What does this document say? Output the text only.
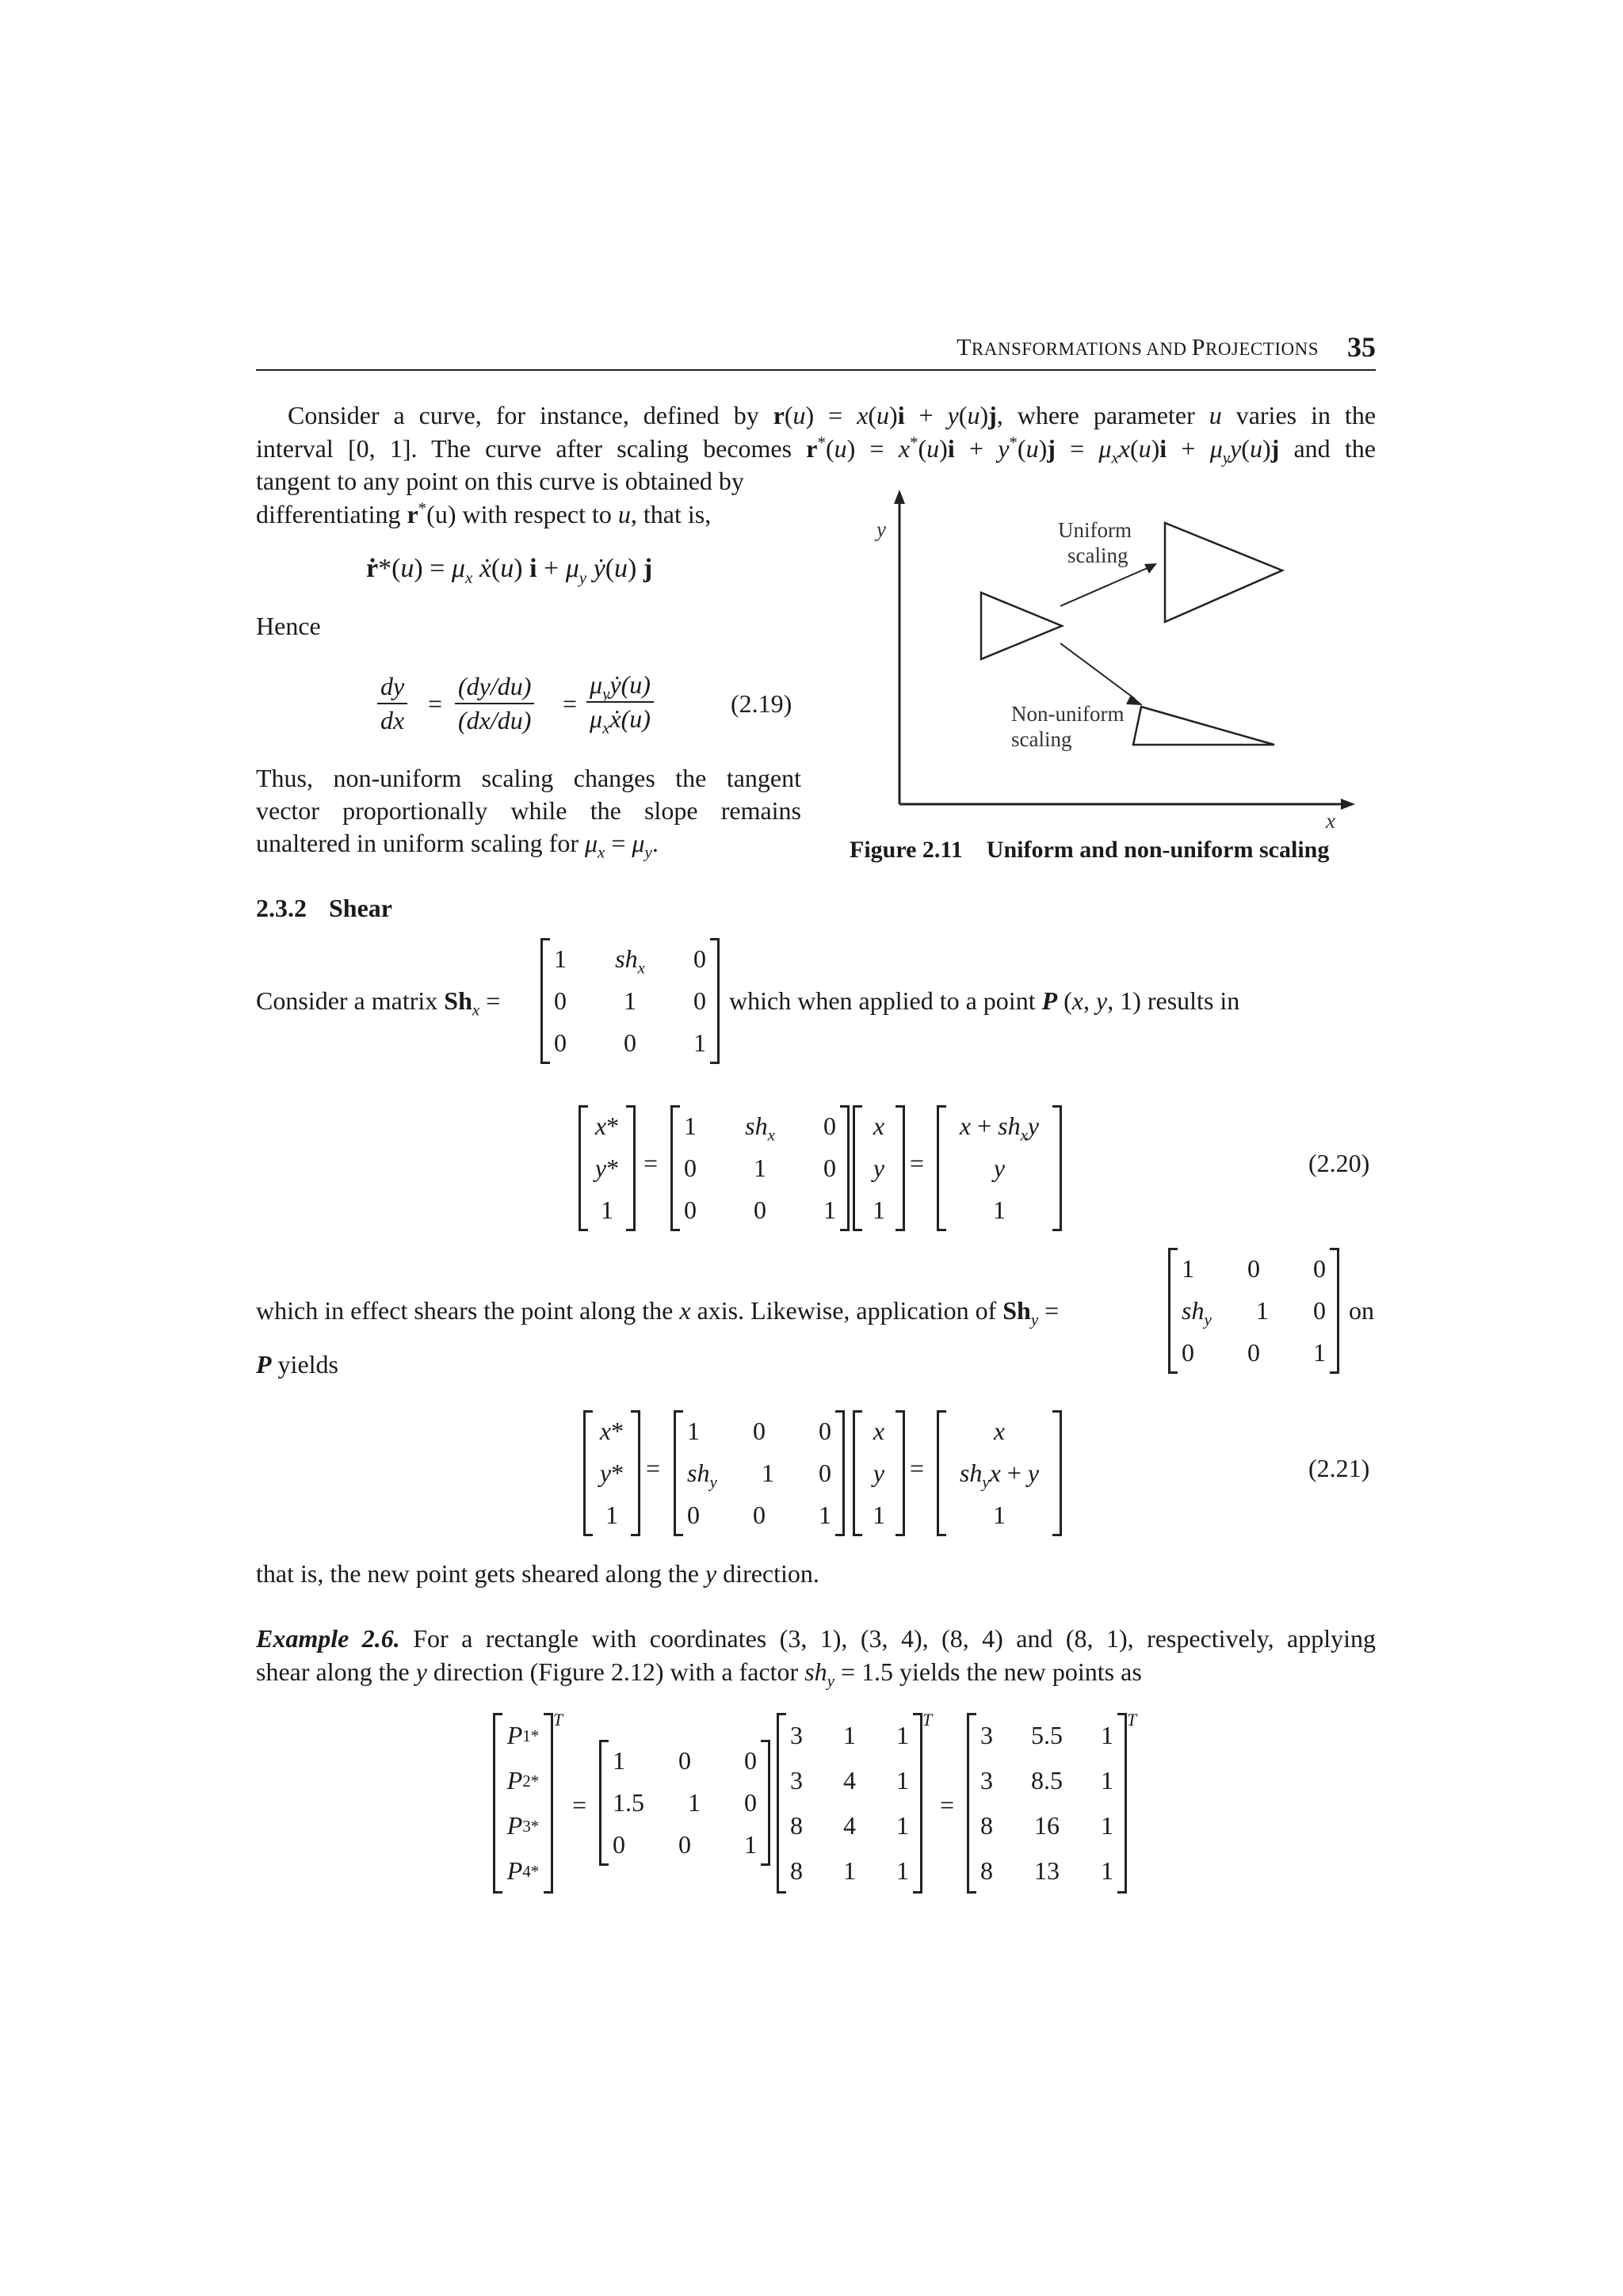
TRANSFORMATIONS AND PROJECTIONS 35
Consider a curve, for instance, defined by r(u) = x(u)i + y(u)j, where parameter u varies in the
interval [0, 1]. The curve after scaling becomes $r^*(u) = x^*(u)i + y^*(u)j = \mu_xx(u)i + \mu_yy(u)j$ and the
tangent to any point on this curve is obtained by
differentiating r*(u) with respect to u, that is,
ṙ*(u) = $\mu_x$ ẋ(u) $i + \mu_y$ ẏ(u) j
Hence
$\frac{dy}{dx} = \frac{(dy/du)}{(dx/du)}$ =
$\mu_yẏ(u)$
$\mu_xẋ(u)$
(2.19)
Thus, non-uniform scaling changes the tangent
vector proportionally while the slope remains
unaltered in uniform scaling for $\mu_x = \mu_y$.
y
x
Uniform
scaling
Non-uniform
scaling
Figure 2.11 Uniform and non-uniform scaling
2.3.2 Shear
Consider a matrix $Sh_x$ =
1 $sh_x$ 0
0 1 0
0 0 1
which when applied to a point P (x, y, 1) results in
x *
y *
1
=
1 $sh_x$ 0
0 1 0
0 0 1
x
y
1
=
$x + sh_xy$
y
1
(2.20)
which in effect shears the point along the x axis. Likewise, application of $Sh_y$ =
1 0 0
$sh_y$ 1 0
0 0 1
on
P yields
x *
y *
1
=
1 0 0
$sh_y$ 1 0
0 0 1
x
y
1
=
x
$sh_yx + y$
1
(2.21)
that is, the new point gets sheared along the y direction.
Example 2.6. For a rectangle with coordinates (3, 1), (3, 4), (8, 4) and (8, 1), respectively, applying
shear along the y direction (Figure 2.12) with a factor $sh_y = 1.5$ yields the new points as
P 1 *
P 2 *
P 3 *
P 4 *
T
=
1 0 0
1.5 1 0
0 0 1
3 1 1
3 4 1
8 4 1
8 1 1
T
=
3 5.5 1
3 8.5 1
8 16 1
8 13 1
T
